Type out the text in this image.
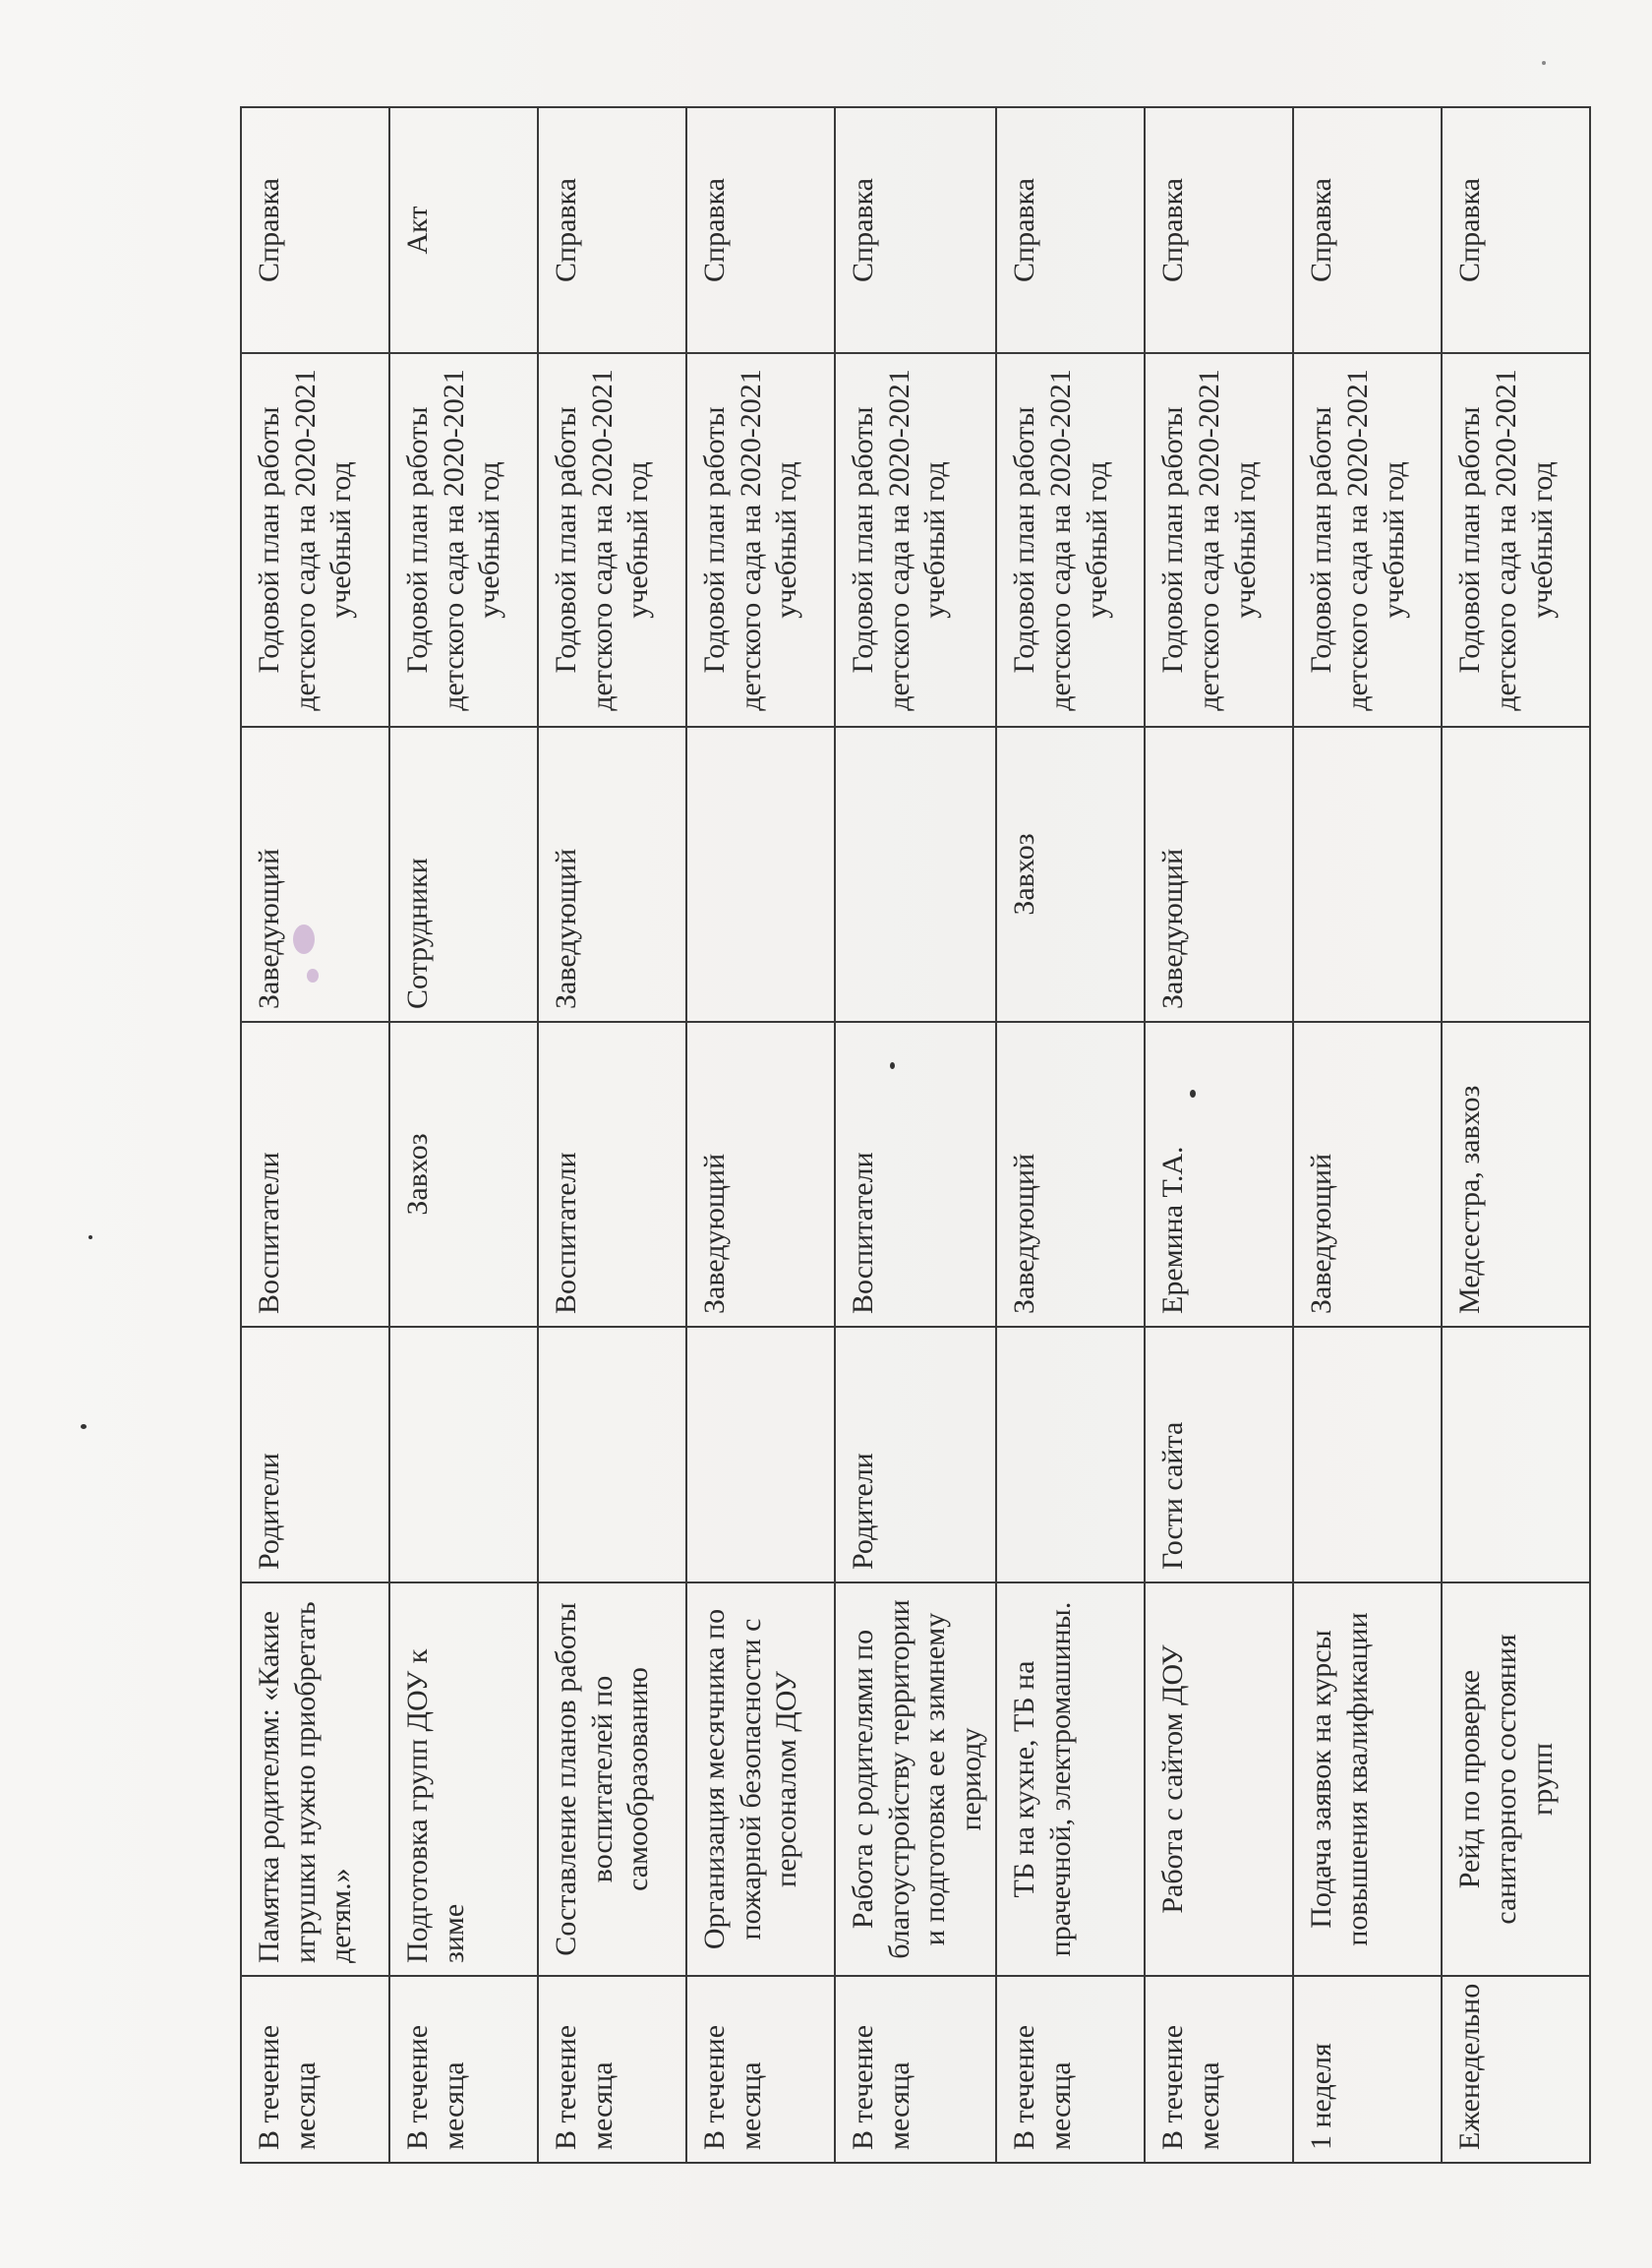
В течение месяца	Памятка родителям: «Какие игрушки нужно приобретать детям.»	Родители	Воспитатели	Заведующий	Годовой план работы детского сада на 2020-2021 учебный год	Справка
В течение месяца	Подготовка групп ДОУ к зиме		Завхоз	Сотрудники	Годовой план работы детского сада на 2020-2021 учебный год	Акт
В течение месяца	Составление планов работы воспитателей по самообразованию		Воспитатели	Заведующий	Годовой план работы детского сада на 2020-2021 учебный год	Справка
В течение месяца	Организация месячника по пожарной безопасности с персоналом ДОУ		Заведующий		Годовой план работы детского сада на 2020-2021 учебный год	Справка
В течение месяца	Работа с родителями по благоустройству территории и подготовка ее к зимнему периоду	Родители	Воспитатели		Годовой план работы детского сада на 2020-2021 учебный год	Справка
В течение месяца	ТБ на кухне, ТБ на прачечной, электромашины.		Заведующий	Завхоз	Годовой план работы детского сада на 2020-2021 учебный год	Справка
В течение месяца	Работа с сайтом ДОУ	Гости сайта	Еремина Т.А.	Заведующий	Годовой план работы детского сада на 2020-2021 учебный год	Справка
1 неделя	Подача заявок на курсы повышения квалификации		Заведующий		Годовой план работы детского сада на 2020-2021 учебный год	Справка
Еженедельно	Рейд по проверке санитарного состояния групп		Медсестра, завхоз		Годовой план работы детского сада на 2020-2021 учебный год	Справка
